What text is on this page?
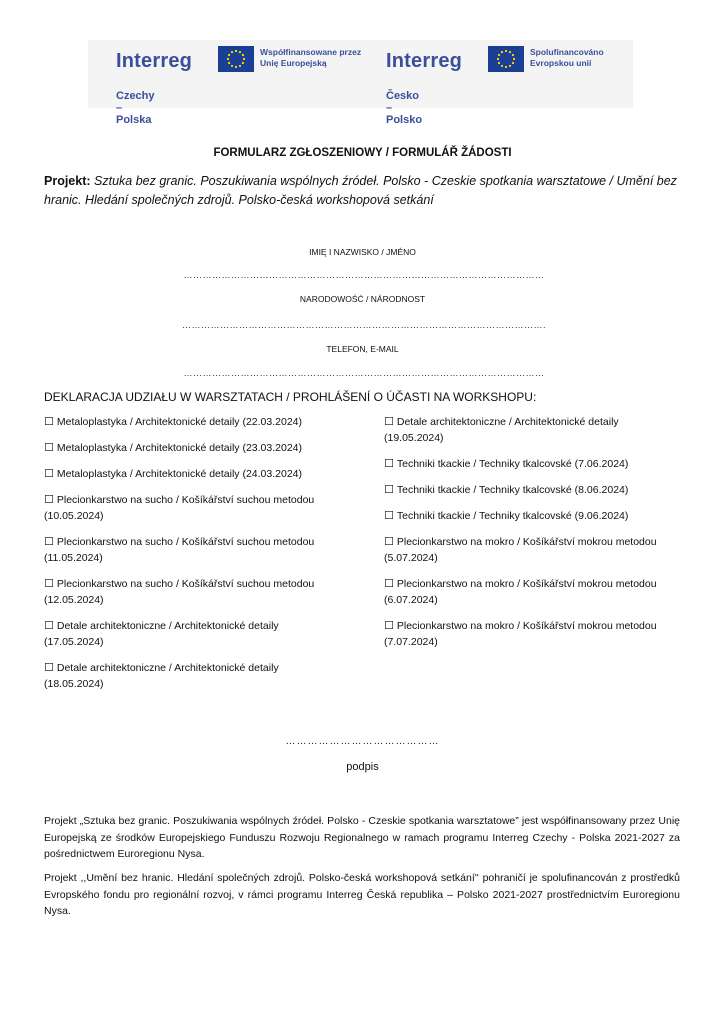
Interreg	Współfinansowane przez Unię Europejską
Czechy – Polska
Interreg	Spolufinancováno Evropskou unií
Česko – Polsko
FORMULARZ ZGŁOSZENIOWY / FORMULÁŘ ŽÁDOSTI
Projekt: Sztuka bez granic. Poszukiwania wspólnych źródeł. Polsko - Czeskie spotkania warsztatowe / Umění bez hranic. Hledání společných zdrojů. Polsko-česká workshopová setkání
IMIĘ I NAZWISKO / JMÉNO
……………………………………………………………………………………………………
NARODOWOŚĆ / NÁRODNOST
…………………………………………………………………………………………………….
TELEFON, E-MAIL
……………………………………………………………………………………………………
DEKLARACJA UDZIAŁU W WARSZTATACH / PROHLÁŠENÍ O ÚČASTI NA WORKSHOPU:
☐ Metaloplastyka / Architektonické detaily (22.03.2024)
☐ Metaloplastyka / Architektonické detaily (23.03.2024)
☐ Metaloplastyka / Architektonické detaily (24.03.2024)
☐ Plecionkarstwo na sucho / Košíkářství suchou metodou
(10.05.2024)
☐ Plecionkarstwo na sucho / Košíkářství suchou metodou
(11.05.2024)
☐ Plecionkarstwo na sucho / Košíkářství suchou metodou
(12.05.2024)
☐ Detale architektoniczne / Architektonické detaily
(17.05.2024)
☐ Detale architektoniczne / Architektonické detaily
(18.05.2024)
☐ Detale architektoniczne / Architektonické detaily
(19.05.2024)
☐ Techniki tkackie / Techniky tkalcovské (7.06.2024)
☐ Techniki tkackie / Techniky tkalcovské (8.06.2024)
☐ Techniki tkackie / Techniky tkalcovské (9.06.2024)
☐ Plecionkarstwo na mokro / Košíkářství mokrou metodou
(5.07.2024)
☐ Plecionkarstwo na mokro / Košíkářství mokrou metodou
(6.07.2024)
☐ Plecionkarstwo na mokro / Košíkářství mokrou metodou
(7.07.2024)
……………………………………
podpis
Projekt „Sztuka bez granic. Poszukiwania wspólnych źródeł. Polsko - Czeskie spotkania warsztatowe” jest współfinansowany przez Unię Europejską ze środków Europejskiego Funduszu Rozwoju Regionalnego w ramach programu Interreg Czechy - Polska 2021-2027 za pośrednictwem Euroregionu Nysa.
Projekt ,,Umění bez hranic. Hledání společných zdrojů. Polsko-česká workshopová setkání'' pohraničí je spolufinancován z prostředků Evropského fondu pro regionální rozvoj, v rámci programu Interreg Česká republika – Polsko 2021-2027 prostřednictvím Euroregionu Nysa.
